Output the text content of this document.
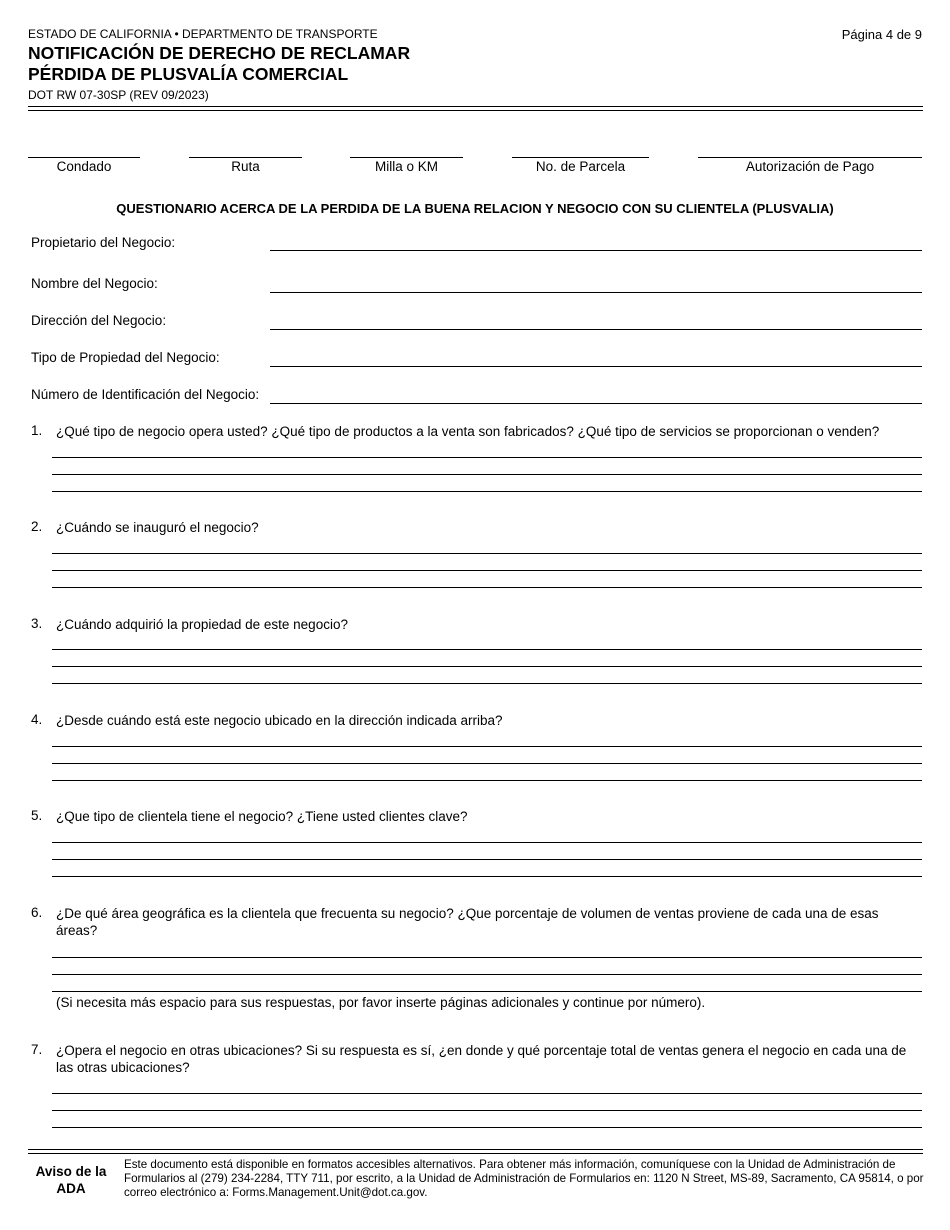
ESTADO DE CALIFORNIA • DEPARTMENTO DE TRANSPORTE
NOTIFICACIÓN DE DERECHO DE RECLAMAR
PÉRDIDA DE PLUSVALÍA COMERCIAL
DOT RW 07-30SP (REV 09/2023)
Página 4 de 9
Condado	Ruta	Milla o KM	No. de Parcela	Autorización de Pago
QUESTIONARIO ACERCA DE LA PERDIDA DE LA BUENA RELACION Y NEGOCIO CON SU CLIENTELA (PLUSVALIA)
Propietario del Negocio:
Nombre del Negocio:
Dirección del Negocio:
Tipo de Propiedad del Negocio:
Número de Identificación del Negocio:
1. ¿Qué tipo de negocio opera usted? ¿Qué tipo de productos a la venta son fabricados? ¿Qué tipo de servicios se proporcionan o venden?
2. ¿Cuándo se inauguró el negocio?
3. ¿Cuándo adquirió la propiedad de este negocio?
4. ¿Desde cuándo está este negocio ubicado en la dirección indicada arriba?
5. ¿Que tipo de clientela tiene el negocio? ¿Tiene usted clientes clave?
6. ¿De qué área geográfica es la clientela que frecuenta su negocio? ¿Que porcentaje de volumen de ventas proviene de cada una de esas áreas?
(Si necesita más espacio para sus respuestas, por favor inserte páginas adicionales y continue por número).
7. ¿Opera el negocio en otras ubicaciones? Si su respuesta es sí, ¿en donde y qué porcentaje total de ventas genera el negocio en cada una de las otras ubicaciones?
Aviso de la ADA
Este documento está disponible en formatos accesibles alternativos. Para obtener más información, comuníquese con la Unidad de Administración de Formularios al (279) 234-2284, TTY 711, por escrito, a la Unidad de Administración de Formularios en: 1120 N Street, MS-89, Sacramento, CA 95814, o por correo electrónico a: Forms.Management.Unit@dot.ca.gov.
